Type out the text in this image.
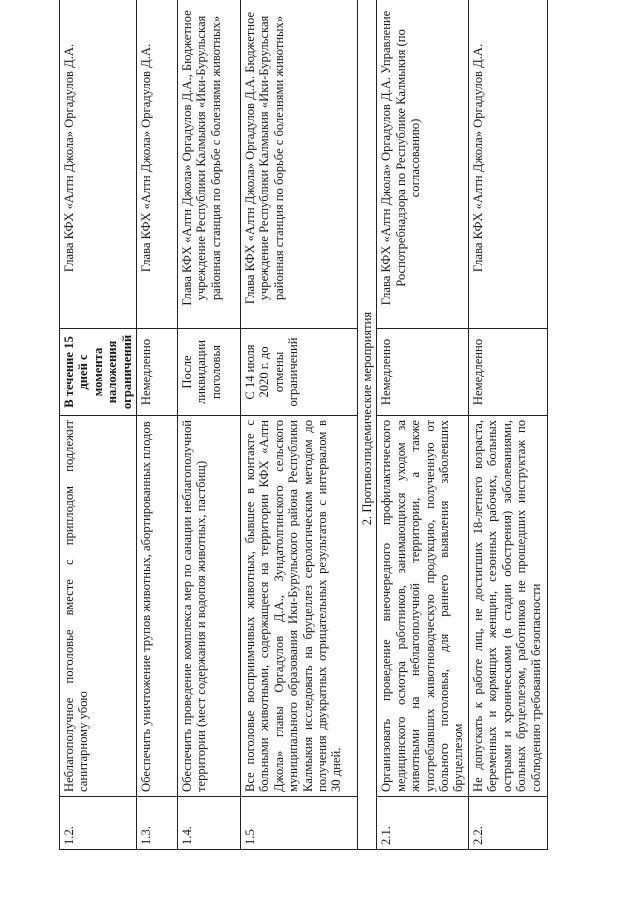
1.2.	Неблагополучное поголовье вместе с приплодом подлежит санитарному убою	В течение 15 дней с момента наложения ограничений	Глава КФХ «Алтн Джола» Оргадулов Д.А.
1.3.	Обеспечить уничтожение трупов животных, абортированных плодов	Немедленно	Глава КФХ «Алтн Джола» Оргадулов Д.А.
1.4.	Обеспечить проведение комплекса мер по санации неблагополучной территории (мест содержания и водопоя животных, пастбищ)	После ликвидации поголовья	Глава КФХ «Алтн Джола» Оргадулов Д.А., Бюджетное учреждение Республики Калмыкия «Ики-Бурульская районная станция по борьбе с болезнями животных»
1.5	Все поголовье восприимчивых животных, бывшее в контакте с больными животными, содержащееся на территории КФХ «Алтн Джола» главы Оргадулов Д.А., Зундатолгинского сельского муниципального образования Ики-Бурульского района Республики Калмыкия исследовать на бруцеллез серологическим методом до получения двукратных отрицательных результатов с интервалом в 30 дней.	С 14 июля 2020 г. до отмены ограничений	Глава КФХ «Алтн Джола» Оргадулов Д.А. Бюджетное учреждение Республики Калмыкия «Ики-Бурульская районная станция по борьбе с болезнями животных»
2. Противоэпидемические мероприятия			
2.1.	Организовать проведение внеочередного профилактического медицинского осмотра работников, занимающихся уходом за животными на неблагополучной территории, а также употреблявших животноводческую продукцию, полученную от больного поголовья, для раннего выявления заболевших бруцеллезом	Немедленно	Глава КФХ «Алтн Джола» Оргадулов Д.А. Управление Роспотребнадзора по Республике Калмыкия (по согласованию)
2.2.	Не допускать к работе лиц, не достигших 18-летнего возраста, беременных и кормящих женщин, сезонных рабочих, больных острыми и хроническими (в стадии обострения) заболеваниями, больных бруцеллезом, работников не прошедших инструктаж по соблюдению требований безопасности	Немедленно	Глава КФХ «Алтн Джола» Оргадулов Д.А.
